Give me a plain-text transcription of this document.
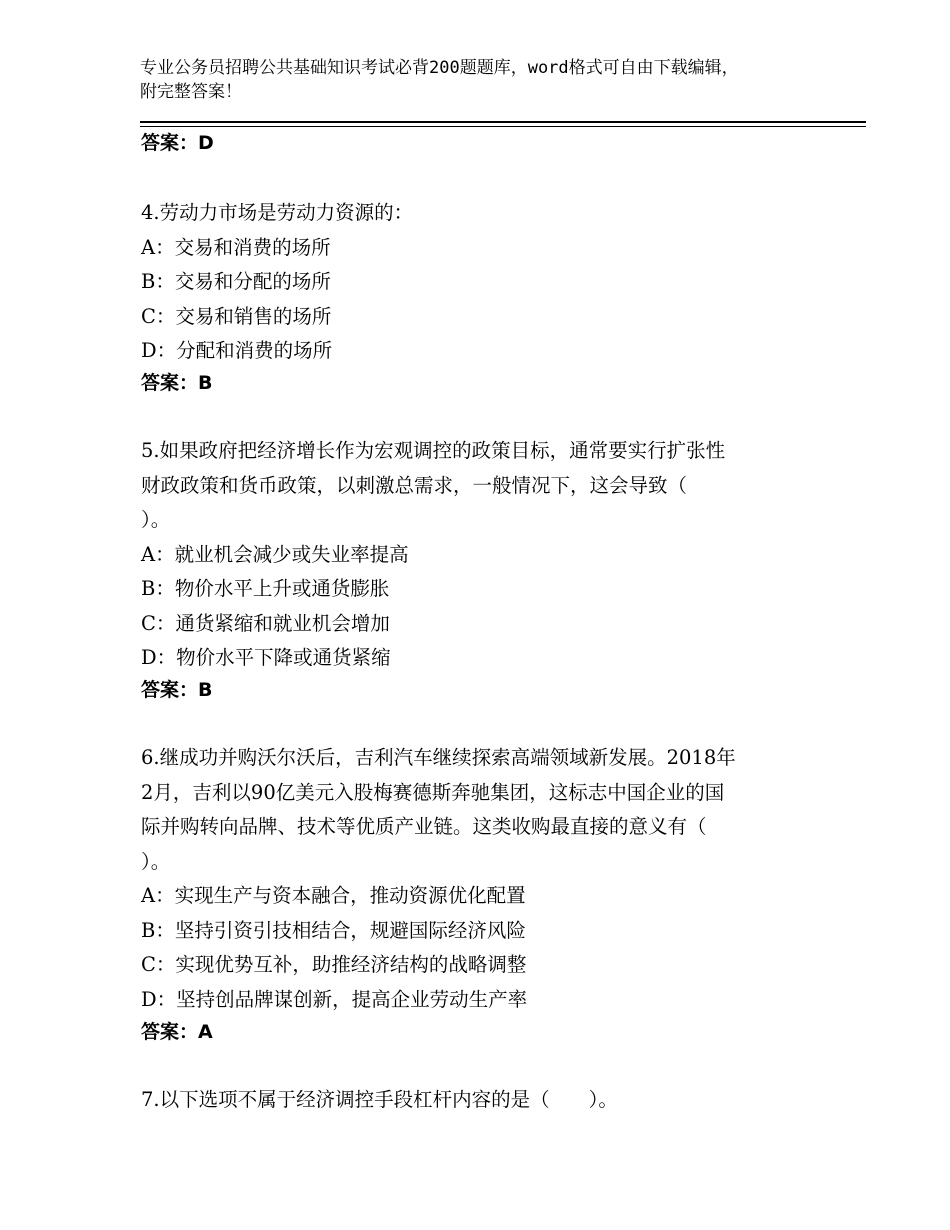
专业公务员招聘公共基础知识考试必背200题题库，word格式可自由下载编辑，
附完整答案！
答案：D
4.劳动力市场是劳动力资源的：
A：交易和消费的场所
B：交易和分配的场所
C：交易和销售的场所
D：分配和消费的场所
答案：B
5.如果政府把经济增长作为宏观调控的政策目标，通常要实行扩张性
财政政策和货币政策，以刺激总需求，一般情况下，这会导致（
）。
A：就业机会减少或失业率提高
B：物价水平上升或通货膨胀
C：通货紧缩和就业机会增加
D：物价水平下降或通货紧缩
答案：B
6.继成功并购沃尔沃后，吉利汽车继续探索高端领域新发展。2018年
2月，吉利以90亿美元入股梅赛德斯奔驰集团，这标志中国企业的国
际并购转向品牌、技术等优质产业链。这类收购最直接的意义有（
）。
A：实现生产与资本融合，推动资源优化配置
B：坚持引资引技相结合，规避国际经济风险
C：实现优势互补，助推经济结构的战略调整
D：坚持创品牌谋创新，提高企业劳动生产率
答案：A
7.以下选项不属于经济调控手段杠杆内容的是（　　）。
